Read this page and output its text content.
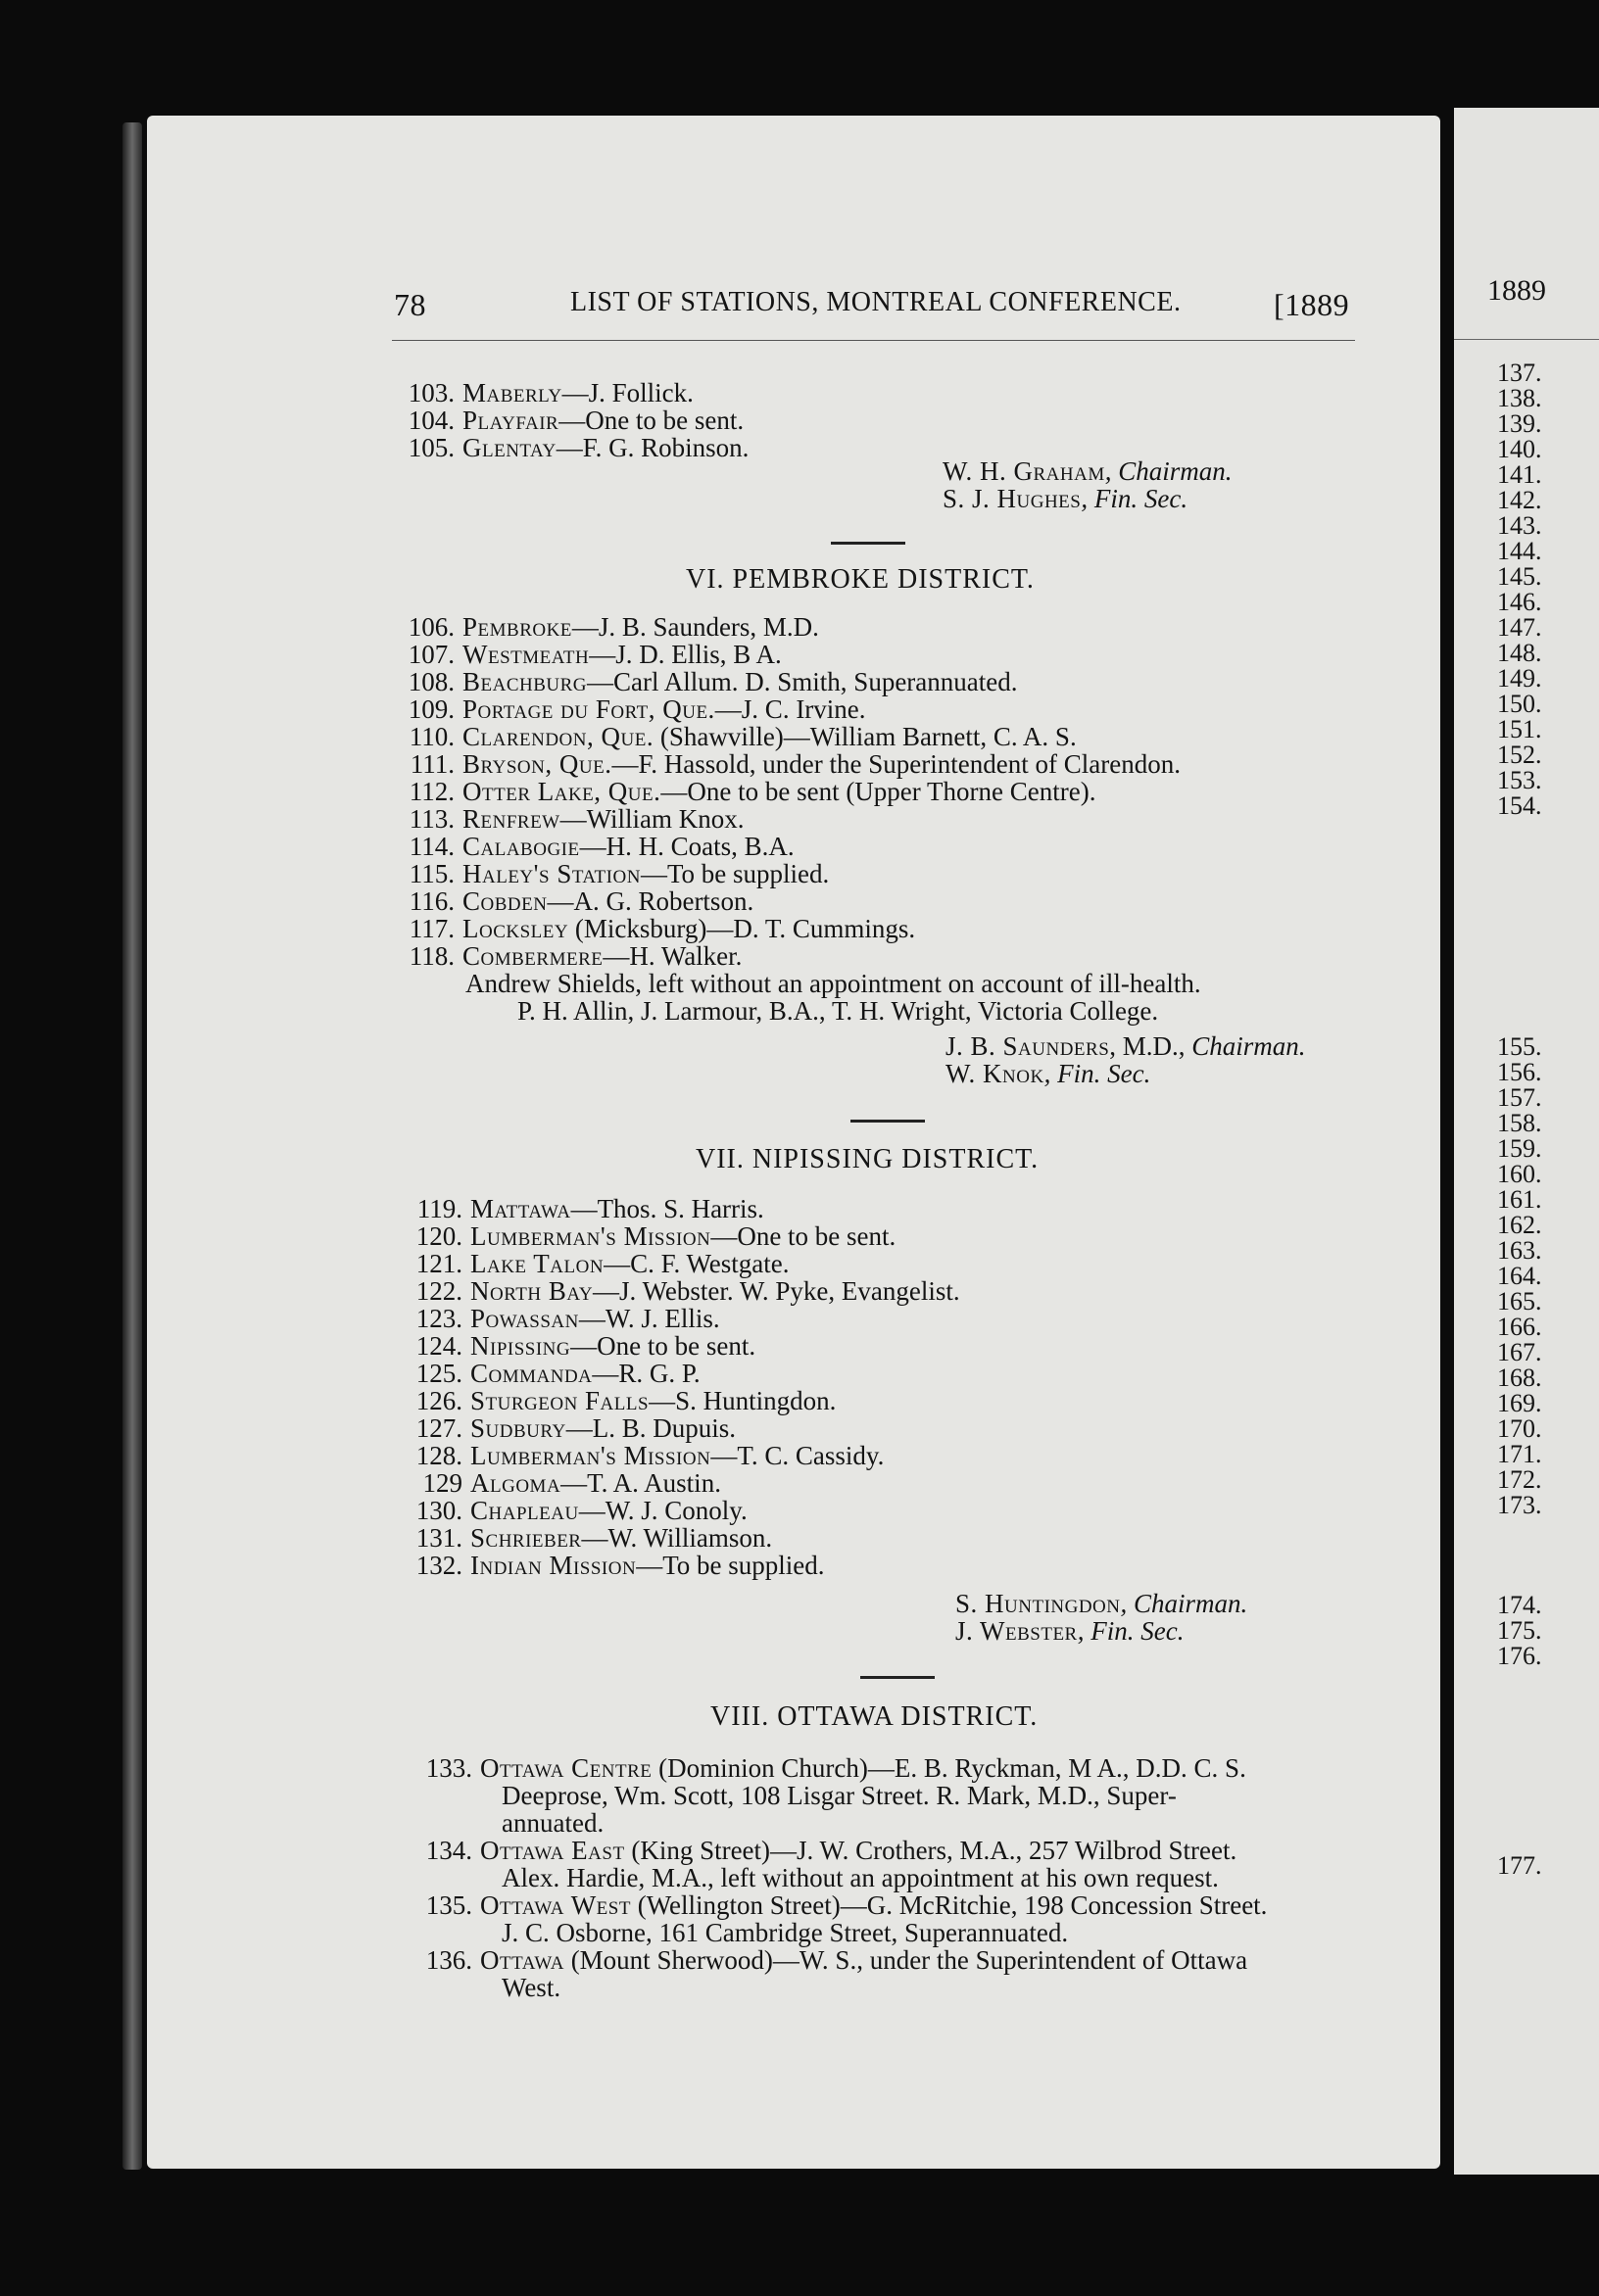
1889
78	LIST OF STATIONS, MONTREAL CONFERENCE.	[1889
103. Maberly—J. Follick.
104. Playfair—One to be sent.
105. Glentay—F. G. Robinson.
W. H. Graham, Chairman.
S. J. Hughes, Fin. Sec.
VI. PEMBROKE DISTRICT.
106. Pembroke—J. B. Saunders, M.D.
107. Westmeath—J. D. Ellis, B A.
108. Beachburg—Carl Allum. D. Smith, Superannuated.
109. Portage du Fort, Que.—J. C. Irvine.
110. Clarendon, Que. (Shawville)—William Barnett, C. A. S.
111. Bryson, Que.—F. Hassold, under the Superintendent of Clarendon.
112. Otter Lake, Que.—One to be sent (Upper Thorne Centre).
113. Renfrew—William Knox.
114. Calabogie—H. H. Coats, B.A.
115. Haley's Station—To be supplied.
116. Cobden—A. G. Robertson.
117. Locksley (Micksburg)—D. T. Cummings.
118. Combermere—H. Walker.
Andrew Shields, left without an appointment on account of ill-health.
P. H. Allin, J. Larmour, B.A., T. H. Wright, Victoria College.
J. B. Saunders, M.D., Chairman.
W. Knok, Fin. Sec.
VII. NIPISSING DISTRICT.
119. Mattawa—Thos. S. Harris.
120. Lumberman's Mission—One to be sent.
121. Lake Talon—C. F. Westgate.
122. North Bay—J. Webster. W. Pyke, Evangelist.
123. Powassan—W. J. Ellis.
124. Nipissing—One to be sent.
125. Commanda—R. G. P.
126. Sturgeon Falls—S. Huntingdon.
127. Sudbury—L. B. Dupuis.
128. Lumberman's Mission—T. C. Cassidy.
129 Algoma—T. A. Austin.
130. Chapleau—W. J. Conoly.
131. Schrieber—W. Williamson.
132. Indian Mission—To be supplied.
S. Huntingdon, Chairman.
J. Webster, Fin. Sec.
VIII. OTTAWA DISTRICT.
133. Ottawa Centre (Dominion Church)—E. B. Ryckman, M A., D.D. C. S.
Deeprose, Wm. Scott, 108 Lisgar Street. R. Mark, M.D., Super-
annuated.
134. Ottawa East (King Street)—J. W. Crothers, M.A., 257 Wilbrod Street.
Alex. Hardie, M.A., left without an appointment at his own request.
135. Ottawa West (Wellington Street)—G. McRitchie, 198 Concession Street.
J. C. Osborne, 161 Cambridge Street, Superannuated.
136. Ottawa (Mount Sherwood)—W. S., under the Superintendent of Ottawa
West.
137.
138.
139.
140.
141.
142.
143.
144.
145.
146.
147.
148.
149.
150.
151.
152.
153.
154.
155.
156.
157.
158.
159.
160.
161.
162.
163.
164.
165.
166.
167.
168.
169.
170.
171.
172.
173.
174.
175.
176.
177.
